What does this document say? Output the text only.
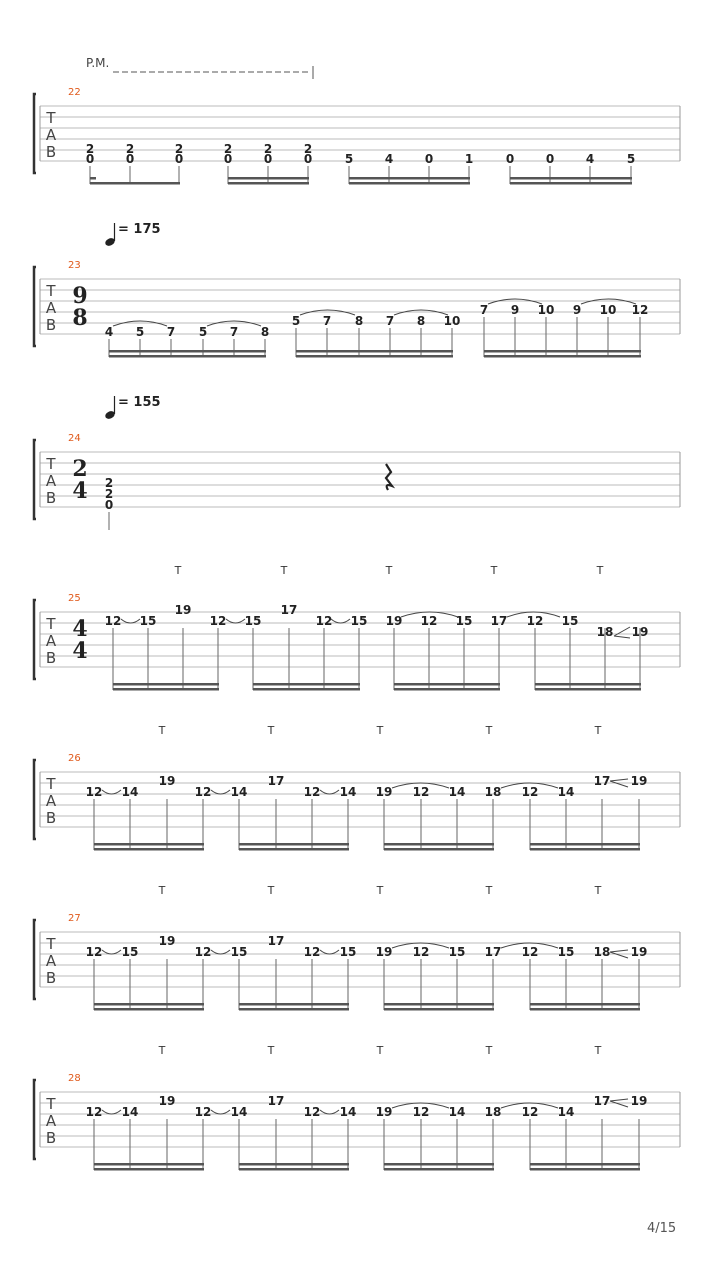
T
A
B
22
P.M.
2
0
2
0
2
0
2
0
2
0
2
0	5	4	0	1	0	0	4	5
T
A
B
23
9
8
= 175
4 5 7 5 7 8
5 7 8 7 8 10
7 9 10 9 10 12
T
A
B
24
2
4
= 155
2
2
0
T
A
B
25
4
4
T	T	T	T	T
12 15
19
12 15
17
12 15 19 12 15 17 12 15
18 19
T
A
B
26
T	T	T	T	T
12 14
19
12 14
17
12 14 19 12 14 18 12 14
17 19
T
A
B
27
T	T	T	T	T
12 15
19
12 15
17
12 15 19 12 15 17 12 15 18 19
T
A
B
28
T	T	T	T	T
12 14
19
12 14
17
12 14 19 12 14 18 12 14
17 19
4/15
